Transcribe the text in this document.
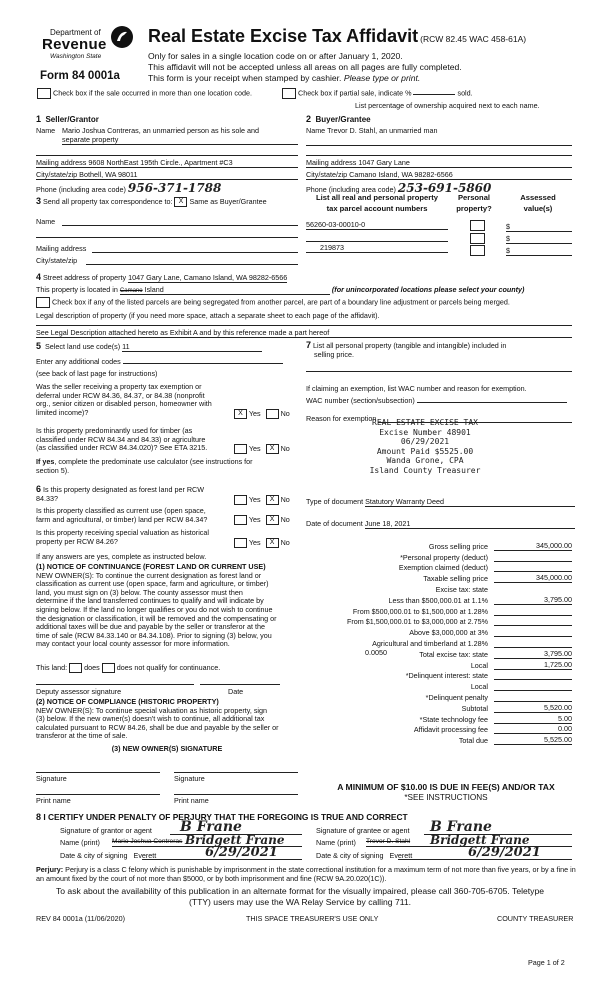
Department of
Revenue
Washington State
Form 84 0001a
Real Estate Excise Tax Affidavit (RCW 82.45 WAC 458-61A)
Only for sales in a single location code on or after January 1, 2020.
This affidavit will not be accepted unless all areas on all pages are fully completed.
This form is your receipt when stamped by cashier. Please type or print.
Check box if the sale occurred in more than one location code.	Check box if partial sale, indicate %	sold.
List percentage of ownership acquired next to each name.
1 Seller/Grantor
Name Mario Joshua Contreras, an unmarried person as his sole and
separate property
Mailing address 9608 NorthEast 195th Circle., Apartment #C3
City/state/zip Bothell, WA 98011
Phone (including area code) 956-371-1788
2 Buyer/Grantee
Name Trevor D. Stahl, an unmarried man
Mailing address 1047 Gary Lane
City/state/zip Camano Island, WA 98282-6566
Phone (including area code) 253-691-5860
3 Send all property tax correspondence to: X Same as Buyer/Grantee
Name
Mailing address
City/state/zip
List all real and personal property
tax parcel account numbers
Personal
property?
Assessed
value(s)
56260-03-00010-0	$
$
219873	$
4 Street address of property 1047 Gary Lane, Camano Island, WA 98282-6566
This property is located in Camano Island	(for unincorporated locations please select your county)
Check box if any of the listed parcels are being segregated from another parcel, are part of a boundary line adjustment or parcels being merged.
Legal description of property (if you need more space, attach a separate sheet to each page of the affidavit).
See Legal Description attached hereto as Exhibit A and by this reference made a part hereof
5 Select land use code(s) 11
Enter any additional codes
(see back of last page for instructions)
Was the seller receiving a property tax exemption or
deferral under RCW 84.36, 84.37, or 84.38 (nonprofit
org., senior citizen or disabled person, homeowner with
limited income)?	X Yes	No
Is this property predominantly used for timber (as
classified under RCW 84.34 and 84.33) or agriculture
(as classified under RCW 84.34.020)? See ETA 3215.	Yes X No
If yes, complete the predominate use calculator (see instructions for
section 5).
6 Is this property designated as forest land per RCW
84.33?	Yes X No
Is this property classified as current use (open space,
farm and agricultural, or timber) land per RCW 84.34?	Yes X No
Is this property receiving special valuation as historical
property per RCW 84.26?	Yes X No
If any answers are yes, complete as instructed below.
(1) NOTICE OF CONTINUANCE (FOREST LAND OR CURRENT USE)
NEW OWNER(S): To continue the current designation as forest land or
classification as current use (open space, farm and agriculture, or timber)
land, you must sign on (3) below. The county assessor must then
determine if the land transferred continues to qualify and will indicate by
signing below. If the land no longer qualifies or you do not wish to continue
the designation or classification, it will be removed and the compensating or
additional taxes will be due and payable by the seller or transferor at the
time of sale (RCW 84.33.140 or 84.34.108). Prior to signing (3) below, you
may contact your local county assessor for more information.
This land: does does not qualify for continuance.
Deputy assessor signature	Date
(2) NOTICE OF COMPLIANCE (HISTORIC PROPERTY)
NEW OWNER(S): To continue special valuation as historic property, sign
(3) below. If the new owner(s) doesn't wish to continue, all additional tax
calculated pursuant to RCW 84.26, shall be due and payable by the seller or
transferor at the time of sale.
(3) NEW OWNER(S) SIGNATURE
Signature	Signature
Print name	Print name
7 List all personal property (tangible and intangible) included in
selling price.
If claiming an exemption, list WAC number and reason for exemption.
WAC number (section/subsection)
Reason for exemption
REAL ESTATE EXCISE TAX
Excise Number 48901
06/29/2021
Amount Paid $5525.00
Wanda Grone, CPA
Island County Treasurer
Type of document Statutory Warranty Deed
Date of document June 18, 2021
Gross selling price	345,000.00
*Personal property (deduct)
Exemption claimed (deduct)
Taxable selling price	345,000.00
Excise tax: state
Less than $500,000.01 at 1.1%	3,795.00
From $500,000.01 to $1,500,000 at 1.28%
From $1,500,000.01 to $3,000,000 at 2.75%
Above $3,000,000 at 3%
Agricultural and timberland at 1.28%
Total excise tax: state	3,795.00
Local	1,725.00
*Delinquent interest: state
Local
*Delinquent penalty
Subtotal	5,520.00
*State technology fee	5.00
Affidavit processing fee	0.00
Total due	5,525.00
0.0050
A MINIMUM OF $10.00 IS DUE IN FEE(S) AND/OR TAX
*SEE INSTRUCTIONS
8 I CERTIFY UNDER PENALTY OF PERJURY THAT THE FOREGOING IS TRUE AND CORRECT
Signature of grantor or agent B Frane
Name (print) Mario Joshua Contreras Bridgett Frane
Date & city of signing Everett	6/29/2021
Signature of grantee or agent B Frane
Name (print) Trevor D. Stahl Bridgett Frane
Date & city of signing Everett	6/29/2021
Perjury: Perjury is a class C felony which is punishable by imprisonment in the state correctional institution for a maximum term of not more than five years, or by a fine in an amount fixed by the court of not more than $5000, or by both imprisonment and fine (RCW 9A.20.020(1C)).
To ask about the availability of this publication in an alternate format for the visually impaired, please call 360-705-6705. Teletype
(TTY) users may use the WA Relay Service by calling 711.
REV 84 0001a (11/06/2020)	THIS SPACE TREASURER'S USE ONLY	COUNTY TREASURER
Page 1 of 2
